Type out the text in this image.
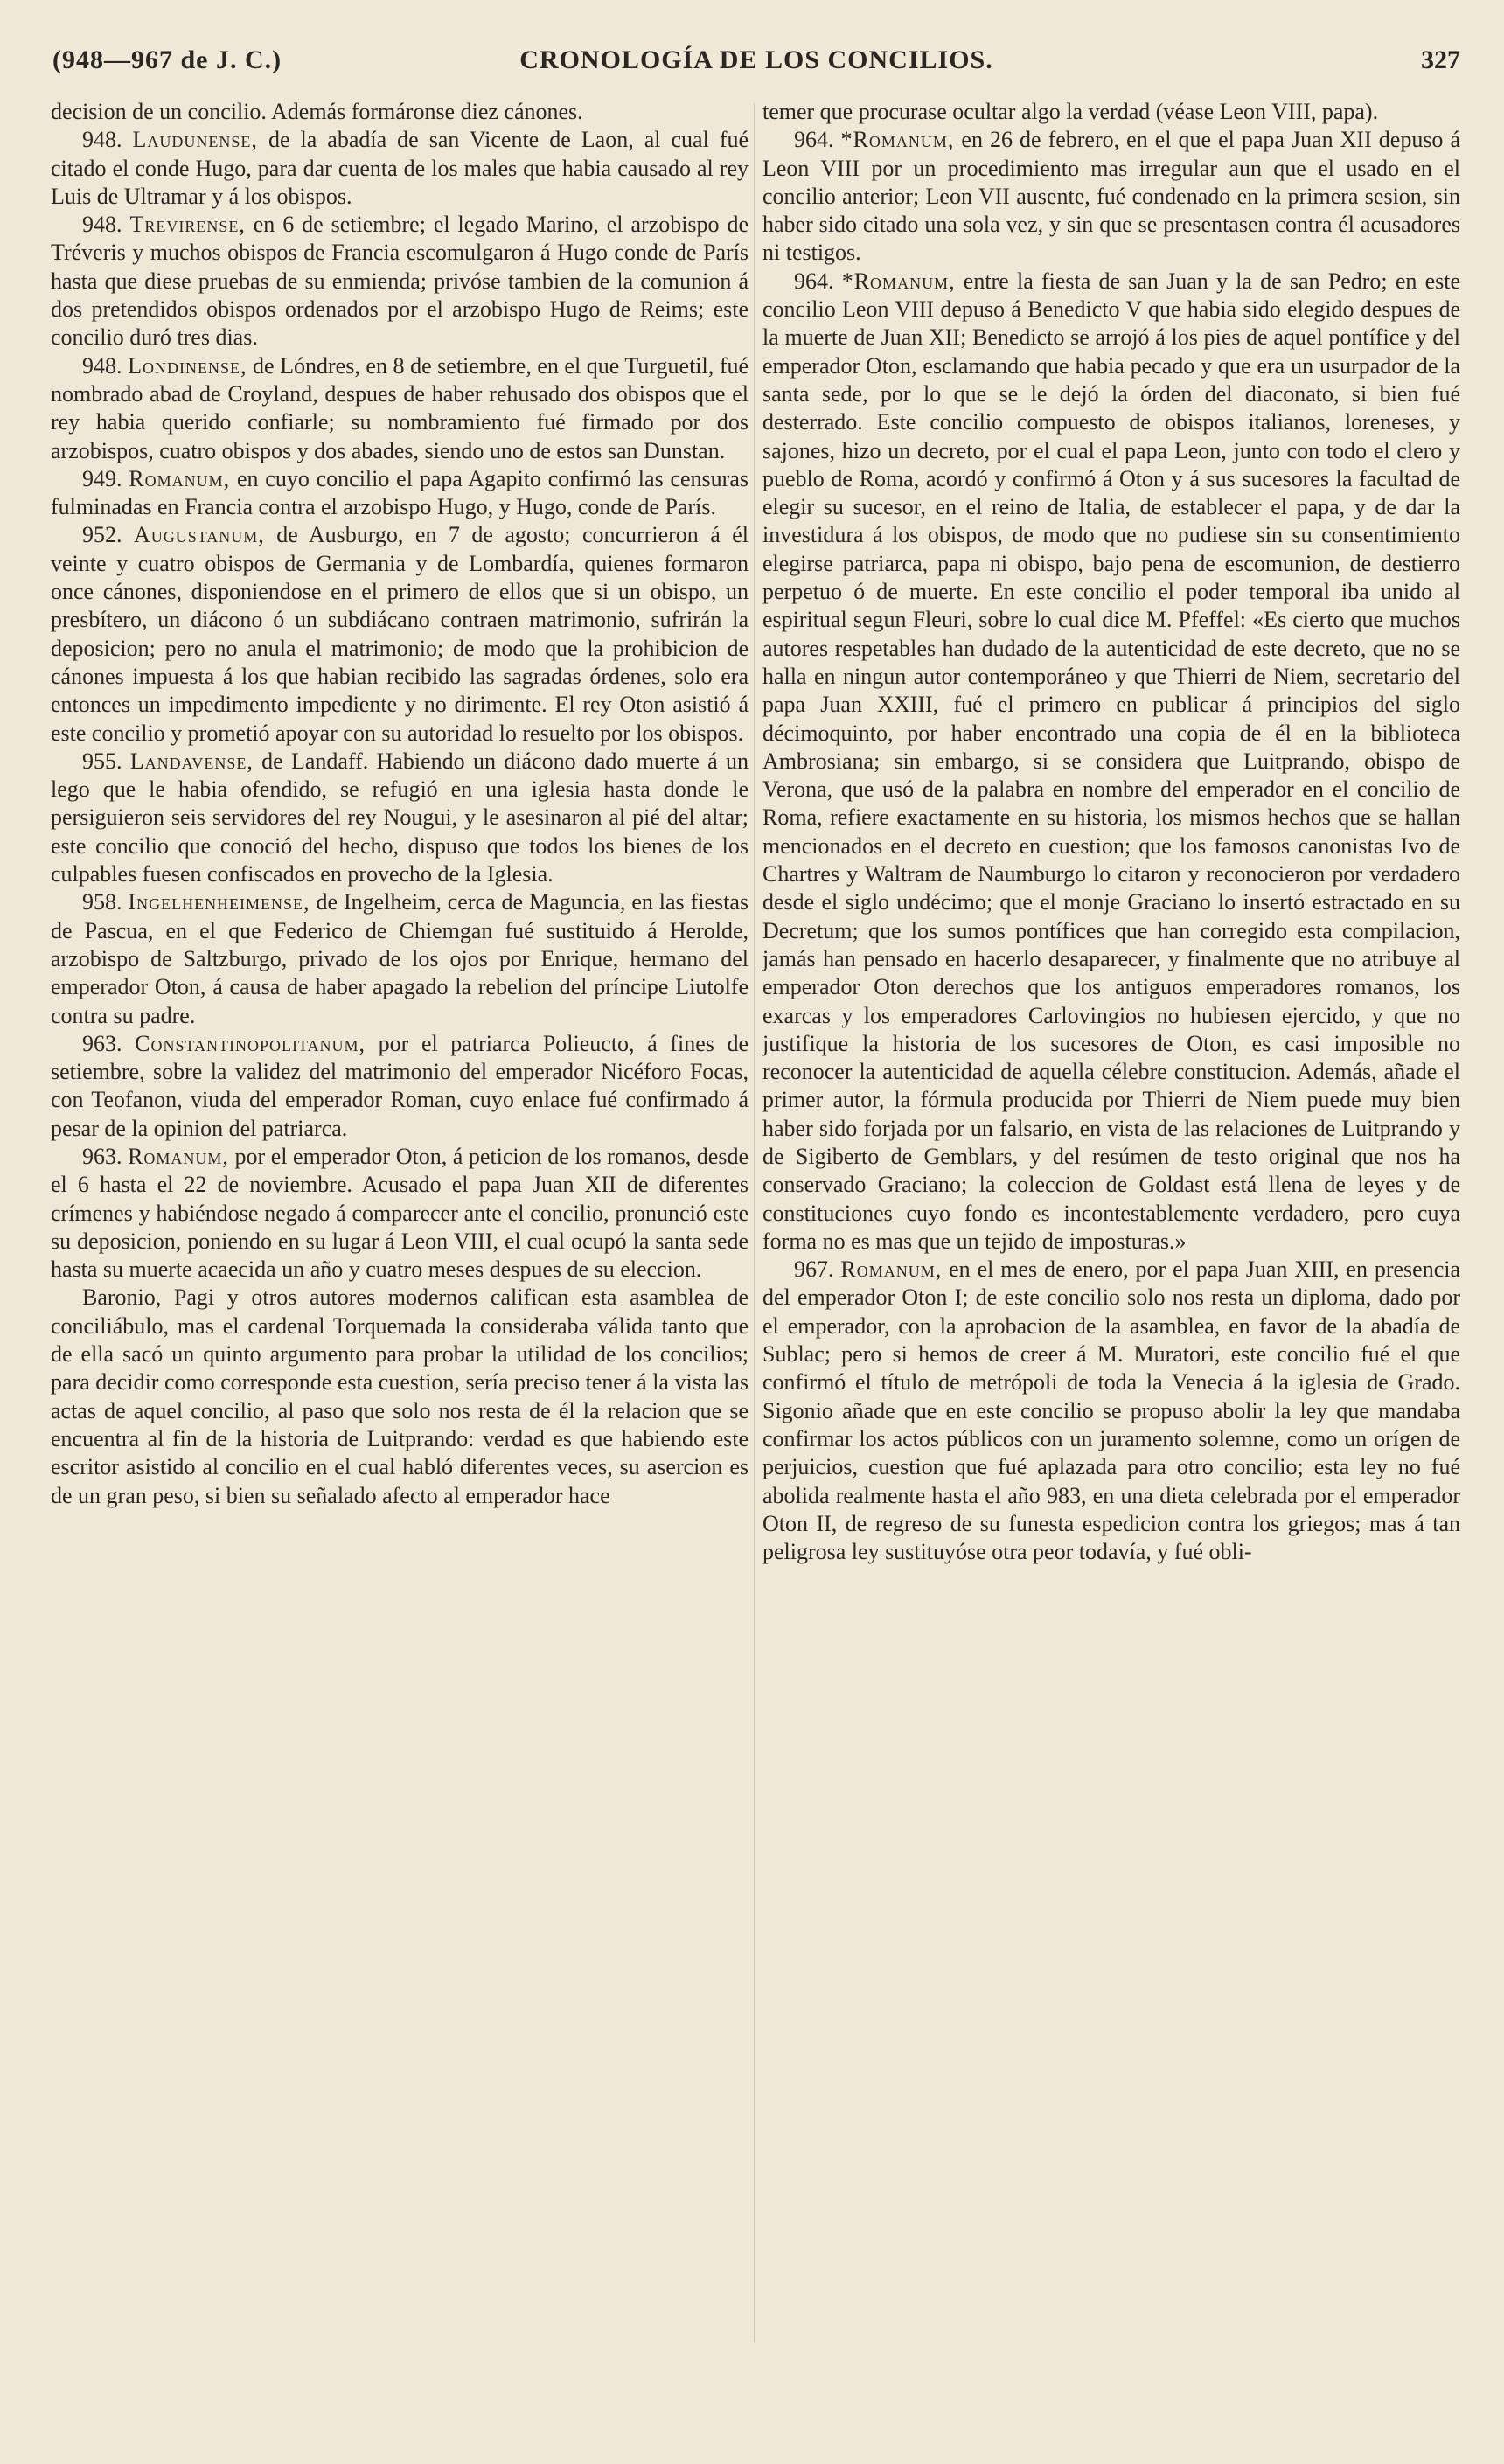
CRONOLOGÍA DE LOS CONCILIOS.
(948—967 de J. C.)	327

decision de un concilio. Además formáronse diez cánones.

948. Laudunense, de la abadía de san Vicente de Laon, al cual fué citado el conde Hugo, para dar cuenta de los males que habia causado al rey Luis de Ultramar y á los obispos.

948. Trevirense, en 6 de setiembre; el legado Marino, el arzobispo de Tréveris y muchos obispos de Francia escomulgaron á Hugo conde de París hasta que diese pruebas de su enmienda; privóse tambien de la comunion á dos pretendidos obispos ordenados por el arzobispo Hugo de Reims; este concilio duró tres dias.

948. Londinense, de Lóndres, en 8 de setiembre, en el que Turguetil, fué nombrado abad de Croyland, despues de haber rehusado dos obispos que el rey habia querido confiarle; su nombramiento fué firmado por dos arzobispos, cuatro obispos y dos abades, siendo uno de estos san Dunstan.

949. Romanum, en cuyo concilio el papa Agapito confirmó las censuras fulminadas en Francia contra el arzobispo Hugo, y Hugo, conde de París.

952. Augustanum, de Ausburgo, en 7 de agosto; concurrieron á él veinte y cuatro obispos de Germania y de Lombardía, quienes formaron once cánones, disponiendose en el primero de ellos que si un obispo, un presbítero, un diácono ó un subdiácano contraen matrimonio, sufrirán la deposicion; pero no anula el matrimonio; de modo que la prohibicion de cánones impuesta á los que habian recibido las sagradas órdenes, solo era entonces un impedimento impediente y no dirimente. El rey Oton asistió á este concilio y prometió apoyar con su autoridad lo resuelto por los obispos.

955. Landavense, de Landaff. Habiendo un diácono dado muerte á un lego que le habia ofendido, se refugió en una iglesia hasta donde le persiguieron seis servidores del rey Nougui, y le asesinaron al pié del altar; este concilio que conoció del hecho, dispuso que todos los bienes de los culpables fuesen confiscados en provecho de la Iglesia.

958. Ingelhenheimense, de Ingelheim, cerca de Maguncia, en las fiestas de Pascua, en el que Federico de Chiemgan fué sustituido á Herolde, arzobispo de Saltzburgo, privado de los ojos por Enrique, hermano del emperador Oton, á causa de haber apagado la rebelion del príncipe Liutolfe contra su padre.

963. Constantinopolitanum, por el patriarca Polieucto, á fines de setiembre, sobre la validez del matrimonio del emperador Nicéforo Focas, con Teofanon, viuda del emperador Roman, cuyo enlace fué confirmado á pesar de la opinion del patriarca.

963. Romanum, por el emperador Oton, á peticion de los romanos, desde el 6 hasta el 22 de noviembre. Acusado el papa Juan XII de diferentes crímenes y habiéndose negado á comparecer ante el concilio, pronunció este su deposicion, poniendo en su lugar á Leon VIII, el cual ocupó la santa sede hasta su muerte acaecida un año y cuatro meses despues de su eleccion.

Baronio, Pagi y otros autores modernos califican esta asamblea de conciliábulo, mas el cardenal Torquemada la consideraba válida tanto que de ella sacó un quinto argumento para probar la utilidad de los concilios; para decidir como corresponde esta cuestion, sería preciso tener á la vista las actas de aquel concilio, al paso que solo nos resta de él la relacion que se encuentra al fin de la historia de Luitprando: verdad es que habiendo este escritor asistido al concilio en el cual habló diferentes veces, su asercion es de un gran peso, si bien su señalado afecto al emperador hace

temer que procurase ocultar algo la verdad (véase Leon VIII, papa).

964. *Romanum, en 26 de febrero, en el que el papa Juan XII depuso á Leon VIII por un procedimiento mas irregular aun que el usado en el concilio anterior; Leon VII ausente, fué condenado en la primera sesion, sin haber sido citado una sola vez, y sin que se presentasen contra él acusadores ni testigos.

964. *Romanum, entre la fiesta de san Juan y la de san Pedro; en este concilio Leon VIII depuso á Benedicto V que habia sido elegido despues de la muerte de Juan XII; Benedicto se arrojó á los pies de aquel pontífice y del emperador Oton, esclamando que habia pecado y que era un usurpador de la santa sede, por lo que se le dejó la órden del diaconato, si bien fué desterrado. Este concilio compuesto de obispos italianos, loreneses, y sajones, hizo un decreto, por el cual el papa Leon, junto con todo el clero y pueblo de Roma, acordó y confirmó á Oton y á sus sucesores la facultad de elegir su sucesor, en el reino de Italia, de establecer el papa, y de dar la investidura á los obispos, de modo que no pudiese sin su consentimiento elegirse patriarca, papa ni obispo, bajo pena de escomunion, de destierro perpetuo ó de muerte. En este concilio el poder temporal iba unido al espiritual segun Fleuri, sobre lo cual dice M. Pfeffel: «Es cierto que muchos autores respetables han dudado de la autenticidad de este decreto, que no se halla en ningun autor contemporáneo y que Thierri de Niem, secretario del papa Juan XXIII, fué el primero en publicar á principios del siglo décimoquinto, por haber encontrado una copia de él en la biblioteca Ambrosiana; sin embargo, si se considera que Luitprando, obispo de Verona, que usó de la palabra en nombre del emperador en el concilio de Roma, refiere exactamente en su historia, los mismos hechos que se hallan mencionados en el decreto en cuestion; que los famosos canonistas Ivo de Chartres y Waltram de Naumburgo lo citaron y reconocieron por verdadero desde el siglo undécimo; que el monje Graciano lo insertó estractado en su Decretum; que los sumos pontífices que han corregido esta compilacion, jamás han pensado en hacerlo desaparecer, y finalmente que no atribuye al emperador Oton derechos que los antiguos emperadores romanos, los exarcas y los emperadores Carlovingios no hubiesen ejercido, y que no justifique la historia de los sucesores de Oton, es casi imposible no reconocer la autenticidad de aquella célebre constitucion. Además, añade el primer autor, la fórmula producida por Thierri de Niem puede muy bien haber sido forjada por un falsario, en vista de las relaciones de Luitprando y de Sigiberto de Gemblars, y del resúmen de testo original que nos ha conservado Graciano; la coleccion de Goldast está llena de leyes y de constituciones cuyo fondo es incontestablemente verdadero, pero cuya forma no es mas que un tejido de imposturas.»

967. Romanum, en el mes de enero, por el papa Juan XIII, en presencia del emperador Oton I; de este concilio solo nos resta un diploma, dado por el emperador, con la aprobacion de la asamblea, en favor de la abadía de Sublac; pero si hemos de creer á M. Muratori, este concilio fué el que confirmó el título de metrópoli de toda la Venecia á la iglesia de Grado. Sigonio añade que en este concilio se propuso abolir la ley que mandaba confirmar los actos públicos con un juramento solemne, como un orígen de perjuicios, cuestion que fué aplazada para otro concilio; esta ley no fué abolida realmente hasta el año 983, en una dieta celebrada por el emperador Oton II, de regreso de su funesta espedicion contra los griegos; mas á tan peligrosa ley sustituyóse otra peor todavía, y fué obli-
